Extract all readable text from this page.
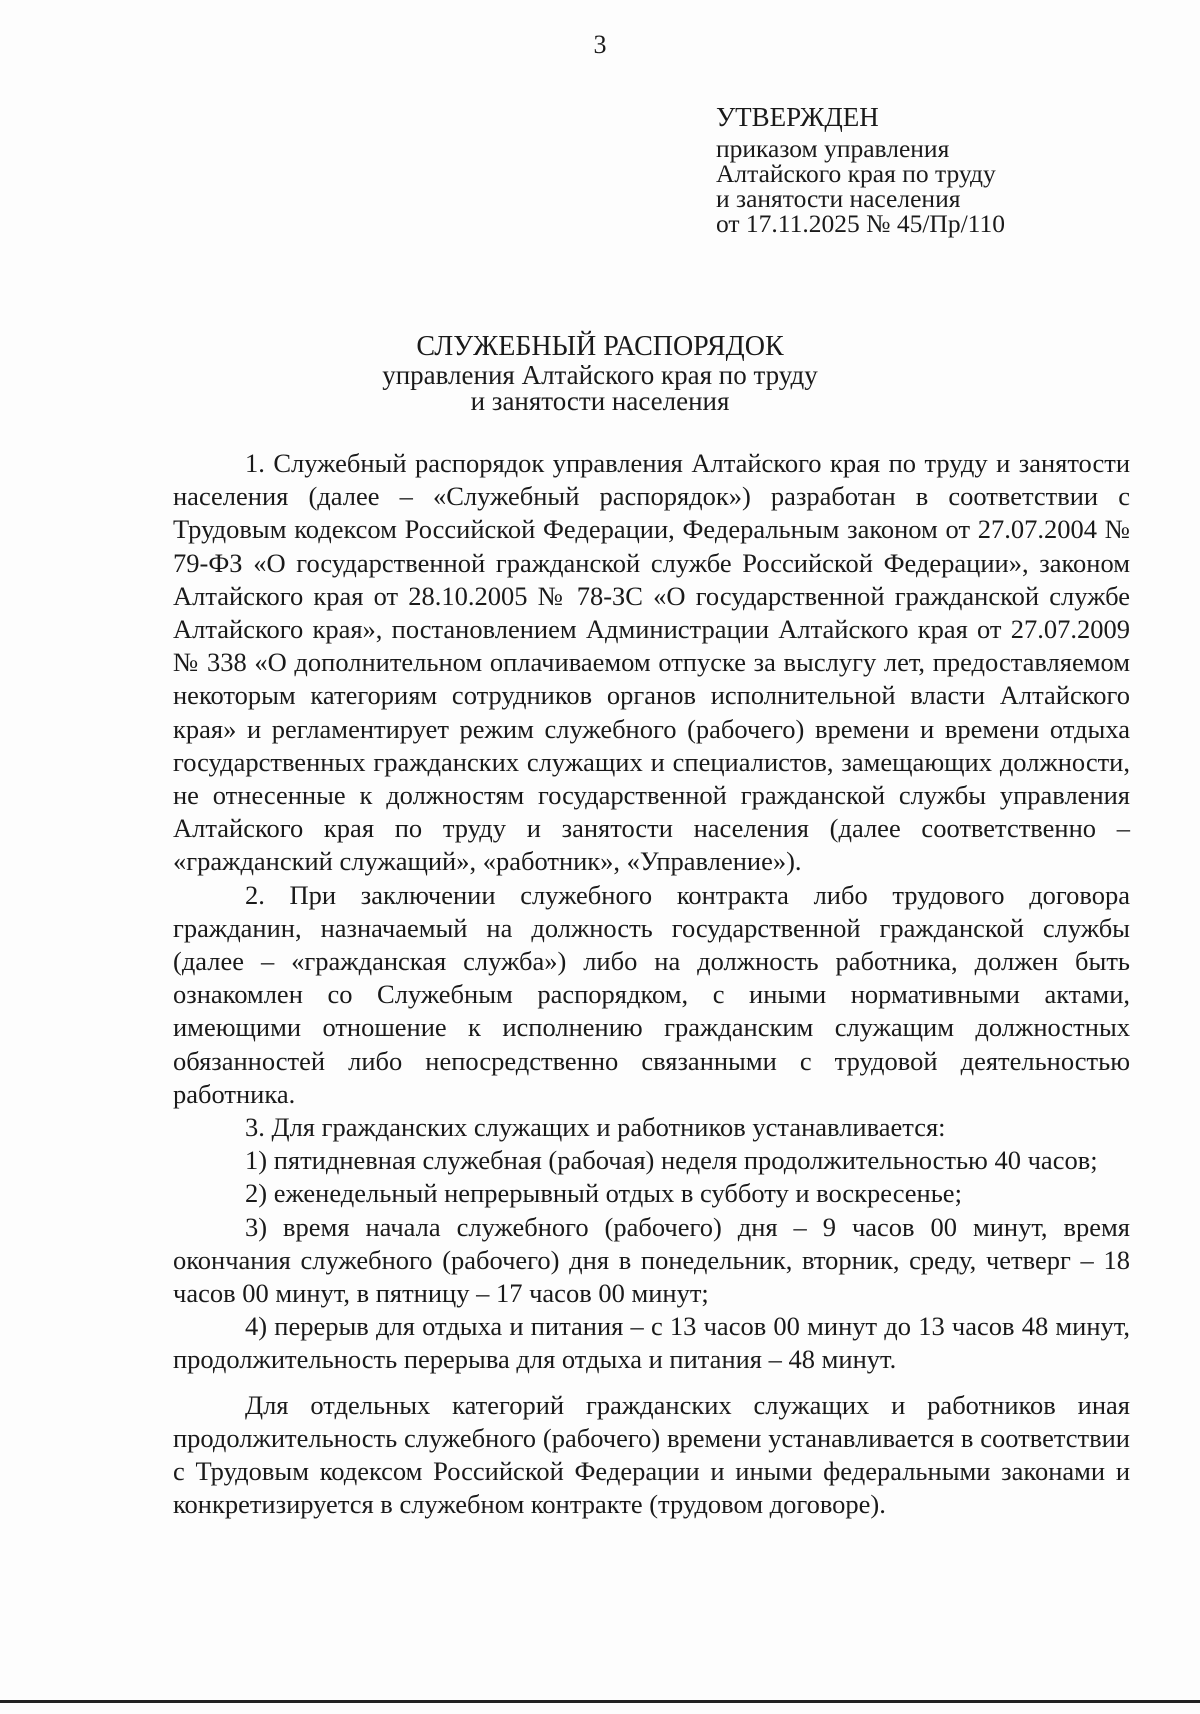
3
УТВЕРЖДЕН
приказом управления
Алтайского края по труду
и занятости населения
от 17.11.2025 № 45/Пр/110
СЛУЖЕБНЫЙ РАСПОРЯДОК
управления Алтайского края по труду
и занятости населения

1. Служебный распорядок управления Алтайского края по труду и занятости населения (далее – «Служебный распорядок») разработан в соответствии с Трудовым кодексом Российской Федерации, Федеральным законом от 27.07.2004 № 79-ФЗ «О государственной гражданской службе Российской Федерации», законом Алтайского края от 28.10.2005 № 78-ЗС «О государственной гражданской службе Алтайского края», постановлением Администрации Алтайского края от 27.07.2009 № 338 «О дополнительном оплачиваемом отпуске за выслугу лет, предоставляемом некоторым категориям сотрудников органов исполнительной власти Алтайского края» и регламентирует режим служебного (рабочего) времени и времени отдыха государственных гражданских служащих и специалистов, замещающих должности, не отнесенные к должностям государственной гражданской службы управления Алтайского края по труду и занятости населения (далее соответственно – «гражданский служащий», «работник», «Управление»).

2. При заключении служебного контракта либо трудового договора гражданин, назначаемый на должность государственной гражданской службы (далее – «гражданская служба») либо на должность работника, должен быть ознакомлен со Служебным распорядком, с иными нормативными актами, имеющими отношение к исполнению гражданским служащим должностных обязанностей либо непосредственно связанными с трудовой деятельностью работника.

3. Для гражданских служащих и работников устанавливается:

1) пятидневная служебная (рабочая) неделя продолжительностью 40 часов;

2) еженедельный непрерывный отдых в субботу и воскресенье;

3) время начала служебного (рабочего) дня – 9 часов 00 минут, время окончания служебного (рабочего) дня в понедельник, вторник, среду, четверг – 18 часов 00 минут, в пятницу – 17 часов 00 минут;

4) перерыв для отдыха и питания – с 13 часов 00 минут до 13 часов 48 минут, продолжительность перерыва для отдыха и питания – 48 минут.

Для отдельных категорий гражданских служащих и работников иная продолжительность служебного (рабочего) времени устанавливается в соответствии с Трудовым кодексом Российской Федерации и иными федеральными законами и конкретизируется в служебном контракте (трудовом договоре).
